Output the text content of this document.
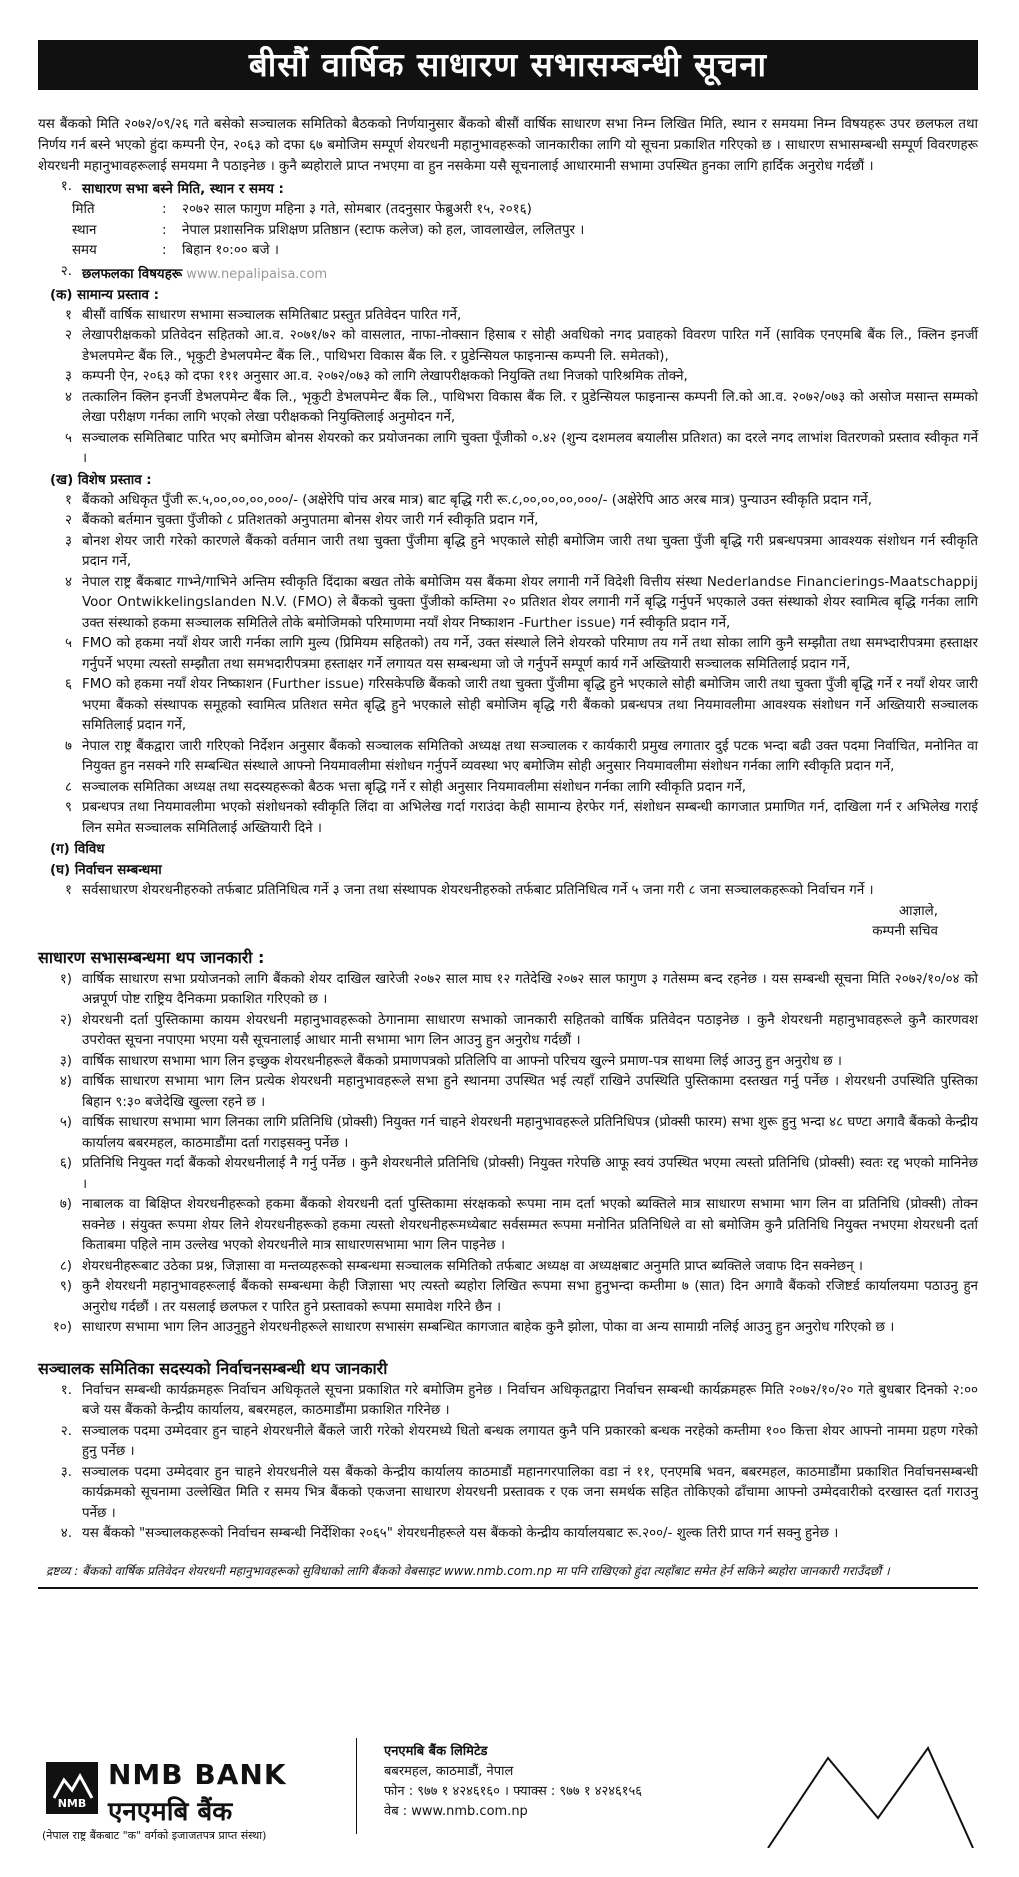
बीसौं वार्षिक साधारण सभासम्बन्धी सूचना
यस बैंकको मिति २०७२/०९/२६ गते बसेको सञ्चालक समितिको बैठकको निर्णयानुसार बैंकको बीसौं वार्षिक साधारण सभा निम्न लिखित मिति, स्थान र समयमा निम्न विषयहरू उपर छलफल तथा निर्णय गर्न बस्ने भएको हुंदा कम्पनी ऐन, २०६३ को दफा ६७ बमोजिम सम्पूर्ण शेयरधनी महानुभावहरूको जानकारीका लागि यो सूचना प्रकाशित गरिएको छ । साधारण सभासम्बन्धी सम्पूर्ण विवरणहरू शेयरधनी महानुभावहरूलाई समयमा नै पठाइनेछ । कुनै ब्यहोराले प्राप्त नभएमा वा हुन नसकेमा यसै सूचनालाई आधारमानी सभामा उपस्थित हुनका लागि हार्दिक अनुरोध गर्दछौं ।
१. साधारण सभा बस्ने मिति, स्थान र समय :
मिति	:	२०७२ साल फागुण महिना ३ गते, सोमबार (तदनुसार फेब्रुअरी १५, २०१६)
स्थान	:	नेपाल प्रशासनिक प्रशिक्षण प्रतिष्ठान (स्टाफ कलेज) को हल, जावलाखेल, ललितपुर ।
समय	:	बिहान १०:०० बजे ।
२. छलफलका विषयहरू www.nepalipaisa.com
(क) सामान्य प्रस्ताव :
१ बीसौं वार्षिक साधारण सभामा सञ्चालक समितिबाट प्रस्तुत प्रतिवेदन पारित गर्ने,
२ लेखापरीक्षकको प्रतिवेदन सहितको आ.व. २०७१/७२ को वासलात, नाफा-नोक्सान हिसाब र सोही अवधिको नगद प्रवाहको विवरण पारित गर्ने (साविक एनएमबि बैंक लि., क्लिन इनर्जी डेभलपमेन्ट बैंक लि., भृकुटी डेभलपमेन्ट बैंक लि., पाथिभरा विकास बैंक लि. र प्रुडेन्सियल फाइनान्स कम्पनी लि. समेतको),
३ कम्पनी ऐन, २०६३ को दफा १११ अनुसार आ.व. २०७२/०७३ को लागि लेखापरीक्षकको नियुक्ति तथा निजको पारिश्रमिक तोक्ने,
४ तत्कालिन क्लिन इनर्जी डेभलपमेन्ट बैंक लि., भृकुटी डेभलपमेन्ट बैंक लि., पाथिभरा विकास बैंक लि. र प्रुडेन्सियल फाइनान्स कम्पनी लि.को आ.व. २०७२/०७३ को असोज मसान्त सम्मको लेखा परीक्षण गर्नका लागि भएको लेखा परीक्षकको नियुक्तिलाई अनुमोदन गर्ने,
५ सञ्चालक समितिबाट पारित भए बमोजिम बोनस शेयरको कर प्रयोजनका लागि चुक्ता पूँजीको ०.४२ (शुन्य दशमलव बयालीस प्रतिशत) का दरले नगद लाभांश वितरणको प्रस्ताव स्वीकृत गर्ने ।
(ख) विशेष प्रस्ताव :
१ बैंकको अधिकृत पुँजी रू.५,००,००,००,०००/- (अक्षेरेपि पांच अरब मात्र) बाट बृद्धि गरी रू.८,००,००,००,०००/- (अक्षेरेपि आठ अरब मात्र) पुन्याउन स्वीकृति प्रदान गर्ने,
२ बैंकको बर्तमान चुक्ता पुँजीको ८ प्रतिशतको अनुपातमा बोनस शेयर जारी गर्न स्वीकृति प्रदान गर्ने,
३ बोनश शेयर जारी गरेको कारणले बैंकको वर्तमान जारी तथा चुक्ता पुँजीमा बृद्धि हुने भएकाले सोही बमोजिम जारी तथा चुक्ता पुँजी बृद्धि गरी प्रबन्धपत्रमा आवश्यक संशोधन गर्न स्वीकृति प्रदान गर्ने,
४ नेपाल राष्ट्र बैंकबाट गाभ्ने/गाभिने अन्तिम स्वीकृति दिंदाका बखत तोके बमोजिम यस बैंकमा शेयर लगानी गर्ने विदेशी वित्तीय संस्था Nederlandse Financierings-Maatschappij Voor Ontwikkelingslanden N.V. (FMO) ले बैंकको चुक्ता पुँजीको कम्तिमा २० प्रतिशत शेयर लगानी गर्ने बृद्धि गर्नुपर्ने भएकाले उक्त संस्थाको शेयर स्वामित्व बृद्धि गर्नका लागि उक्त संस्थाको हकमा सञ्चालक समितिले तोके बमोजिमको परिमाणमा नयाँ शेयर निष्काशन -Further issue) गर्न स्वीकृति प्रदान गर्ने,
५ FMO को हकमा नयाँ शेयर जारी गर्नका लागि मुल्य (प्रिमियम सहितको) तय गर्ने, उक्त संस्थाले लिने शेयरको परिमाण तय गर्ने तथा सोका लागि कुनै सम्झौता तथा समभ्दारीपत्रमा हस्ताक्षर गर्नुपर्ने भएमा त्यस्तो सम्झौता तथा समभदारीपत्रमा हस्ताक्षर गर्ने लगायत यस सम्बन्धमा जो जे गर्नुपर्ने सम्पूर्ण कार्य गर्ने अख्तियारी सञ्चालक समितिलाई प्रदान गर्ने,
६ FMO को हकमा नयाँ शेयर निष्काशन (Further issue) गरिसकेपछि बैंकको जारी तथा चुक्ता पुँजीमा बृद्धि हुने भएकाले सोही बमोजिम जारी तथा चुक्ता पुँजी बृद्धि गर्ने र नयाँ शेयर जारी भएमा बैंकको संस्थापक समूहको स्वामित्व प्रतिशत समेत बृद्धि हुने भएकाले सोही बमोजिम बृद्धि गरी बैंकको प्रबन्धपत्र तथा नियमावलीमा आवश्यक संशोधन गर्ने अख्तियारी सञ्चालक समितिलाई प्रदान गर्ने,
७ नेपाल राष्ट्र बैंकद्वारा जारी गरिएको निर्देशन अनुसार बैंकको सञ्चालक समितिको अध्यक्ष तथा सञ्चालक र कार्यकारी प्रमुख लगातार दुई पटक भन्दा बढी उक्त पदमा निर्वाचित, मनोनित वा नियुक्त हुन नसक्ने गरि सम्बन्धित संस्थाले आफ्नो नियमावलीमा संशोधन गर्नुपर्ने व्यवस्था भए बमोजिम सोही अनुसार नियमावलीमा संशोधन गर्नका लागि स्वीकृति प्रदान गर्ने,
८ सञ्चालक समितिका अध्यक्ष तथा सदस्यहरूको बैठक भत्ता बृद्धि गर्ने र सोही अनुसार नियमावलीमा संशोधन गर्नका लागि स्वीकृति प्रदान गर्ने,
९ प्रबन्धपत्र तथा नियमावलीमा भएको संशोधनको स्वीकृति लिंदा वा अभिलेख गर्दा गराउंदा केही सामान्य हेरफेर गर्न, संशोधन सम्बन्धी कागजात प्रमाणित गर्न, दाखिला गर्न र अभिलेख गराई लिन समेत सञ्चालक समितिलाई अख्तियारी दिने ।
(ग) विविध
(घ) निर्वाचन सम्बन्धमा
१ सर्वसाधारण शेयरधनीहरुको तर्फबाट प्रतिनिधित्व गर्ने ३ जना तथा संस्थापक शेयरधनीहरुको तर्फबाट प्रतिनिधित्व गर्ने ५ जना गरी ८ जना सञ्चालकहरूको निर्वाचन गर्ने ।
आज्ञाले,
कम्पनी सचिव
साधारण सभासम्बन्धमा थप जानकारी :
१) वार्षिक साधारण सभा प्रयोजनको लागि बैंकको शेयर दाखिल खारेजी २०७२ साल माघ १२ गतेदेखि २०७२ साल फागुण ३ गतेसम्म बन्द रहनेछ । यस सम्बन्धी सूचना मिति २०७२/१०/०४ को अन्नपूर्ण पोष्ट राष्ट्रिय दैनिकमा प्रकाशित गरिएको छ ।
२) शेयरधनी दर्ता पुस्तिकामा कायम शेयरधनी महानुभावहरूको ठेगानामा साधारण सभाको जानकारी सहितको वार्षिक प्रतिवेदन पठाइनेछ । कुनै शेयरधनी महानुभावहरूले कुनै कारणवश उपरोक्त सूचना नपाएमा भएमा यसै सूचनालाई आधार मानी सभामा भाग लिन आउनु हुन अनुरोध गर्दछौं ।
३) वार्षिक साधारण सभामा भाग लिन इच्छुक शेयरधनीहरूले बैंकको प्रमाणपत्रको प्रतिलिपि वा आफ्नो परिचय खुल्ने प्रमाण-पत्र साथमा लिई आउनु हुन अनुरोध छ ।
४) वार्षिक साधारण सभामा भाग लिन प्रत्येक शेयरधनी महानुभावहरूले सभा हुने स्थानमा उपस्थित भई त्यहाँ राखिने उपस्थिति पुस्तिकामा दस्तखत गर्नु पर्नेछ । शेयरधनी उपस्थिति पुस्तिका बिहान ९:३० बजेदेखि खुल्ला रहने छ ।
५) वार्षिक साधारण सभामा भाग लिनका लागि प्रतिनिधि (प्रोक्सी) नियुक्त गर्न चाहने शेयरधनी महानुभावहरूले प्रतिनिधिपत्र (प्रोक्सी फारम) सभा शुरू हुनु भन्दा ४८ घण्टा अगावै बैंकको केन्द्रीय कार्यालय बबरमहल, काठमाडौंमा दर्ता गराइसक्नु पर्नेछ ।
६) प्रतिनिधि नियुक्त गर्दा बैंकको शेयरधनीलाई नै गर्नु पर्नेछ । कुनै शेयरधनीले प्रतिनिधि (प्रोक्सी) नियुक्त गरेपछि आफू स्वयं उपस्थित भएमा त्यस्तो प्रतिनिधि (प्रोक्सी) स्वतः रद्द भएको मानिनेछ ।
७) नाबालक वा बिक्षिप्त शेयरधनीहरूको हकमा बैंकको शेयरधनी दर्ता पुस्तिकामा संरक्षकको रूपमा नाम दर्ता भएको ब्यक्तिले मात्र साधारण सभामा भाग लिन वा प्रतिनिधि (प्रोक्सी) तोक्न सक्नेछ । संयुक्त रूपमा शेयर लिने शेयरधनीहरूको हकमा त्यस्तो शेयरधनीहरूमध्येबाट सर्वसम्मत रूपमा मनोनित प्रतिनिधिले वा सो बमोजिम कुनै प्रतिनिधि नियुक्त नभएमा शेयरधनी दर्ता किताबमा पहिले नाम उल्लेख भएको शेयरधनीले मात्र साधारणसभामा भाग लिन पाइनेछ ।
८) शेयरधनीहरूबाट उठेका प्रश्न, जिज्ञासा वा मन्तव्यहरूको सम्बन्धमा सञ्चालक समितिको तर्फबाट अध्यक्ष वा अध्यक्षबाट अनुमति प्राप्त ब्यक्तिले जवाफ दिन सक्नेछन् ।
९) कुनै शेयरधनी महानुभावहरूलाई बैंकको सम्बन्धमा केही जिज्ञासा भए त्यस्तो ब्यहोरा लिखित रूपमा सभा हुनुभन्दा कम्तीमा ७ (सात) दिन अगावै बैंकको रजिष्टर्ड कार्यालयमा पठाउनु हुन अनुरोध गर्दछौं । तर यसलाई छलफल र पारित हुने प्रस्तावको रूपमा समावेश गरिने छैन ।
१०) साधारण सभामा भाग लिन आउनुहुने शेयरधनीहरूले साधारण सभासंग सम्बन्धित कागजात बाहेक कुनै झोला, पोका वा अन्य सामाग्री नलिई आउनु हुन अनुरोध गरिएको छ ।
सञ्चालक समितिका सदस्यको निर्वाचनसम्बन्धी थप जानकारी
१. निर्वाचन सम्बन्धी कार्यक्रमहरू निर्वाचन अधिकृतले सूचना प्रकाशित गरे बमोजिम हुनेछ । निर्वाचन अधिकृतद्वारा निर्वाचन सम्बन्धी कार्यक्रमहरू मिति २०७२/१०/२० गते बुधबार दिनको २:०० बजे यस बैंकको केन्द्रीय कार्यालय, बबरमहल, काठमाडौंमा प्रकाशित गरिनेछ ।
२. सञ्चालक पदमा उम्मेदवार हुन चाहने शेयरधनीले बैंकले जारी गरेको शेयरमध्ये धितो बन्धक लगायत कुनै पनि प्रकारको बन्धक नरहेको कम्तीमा १०० कित्ता शेयर आफ्नो नाममा ग्रहण गरेको हुनु पर्नेछ ।
३. सञ्चालक पदमा उम्मेदवार हुन चाहने शेयरधनीले यस बैंकको केन्द्रीय कार्यालय काठमाडौं महानगरपालिका वडा नं ११, एनएमबि भवन, बबरमहल, काठमाडौंमा प्रकाशित निर्वाचनसम्बन्धी कार्यक्रमको सूचनामा उल्लेखित मिति र समय भित्र बैंकको एकजना साधारण शेयरधनी प्रस्तावक र एक जना समर्थक सहित तोकिएको ढाँचामा आफ्नो उम्मेदवारीको दरखास्त दर्ता गराउनु पर्नेछ ।
४. यस बैंकको "सञ्चालकहरूको निर्वाचन सम्बन्धी निर्देशिका २०६५" शेयरधनीहरूले यस बैंकको केन्द्रीय कार्यालयबाट रू.२००/- शुल्क तिरी प्राप्त गर्न सक्नु हुनेछ ।
द्रष्टव्य : बैंकको वार्षिक प्रतिवेदन शेयरधनी महानुभावहरूको सुविधाको लागि बैंकको वेबसाइट www.nmb.com.np मा पनि राखिएको हुंदा त्यहाँबाट समेत हेर्न सकिने ब्यहोरा जानकारी गराउँदछौं ।
NMB
NMB BANK
एनएमबि बैंक
(नेपाल राष्ट्र बैंकबाट "क" वर्गको इजाजतपत्र प्राप्त संस्था)
एनएमबि बैंक लिमिटेड
बबरमहल, काठमाडौं, नेपाल
फोन : ९७७ १ ४२४६१६० । फ्याक्स : ९७७ १ ४२४६१५६
वेब : www.nmb.com.np
